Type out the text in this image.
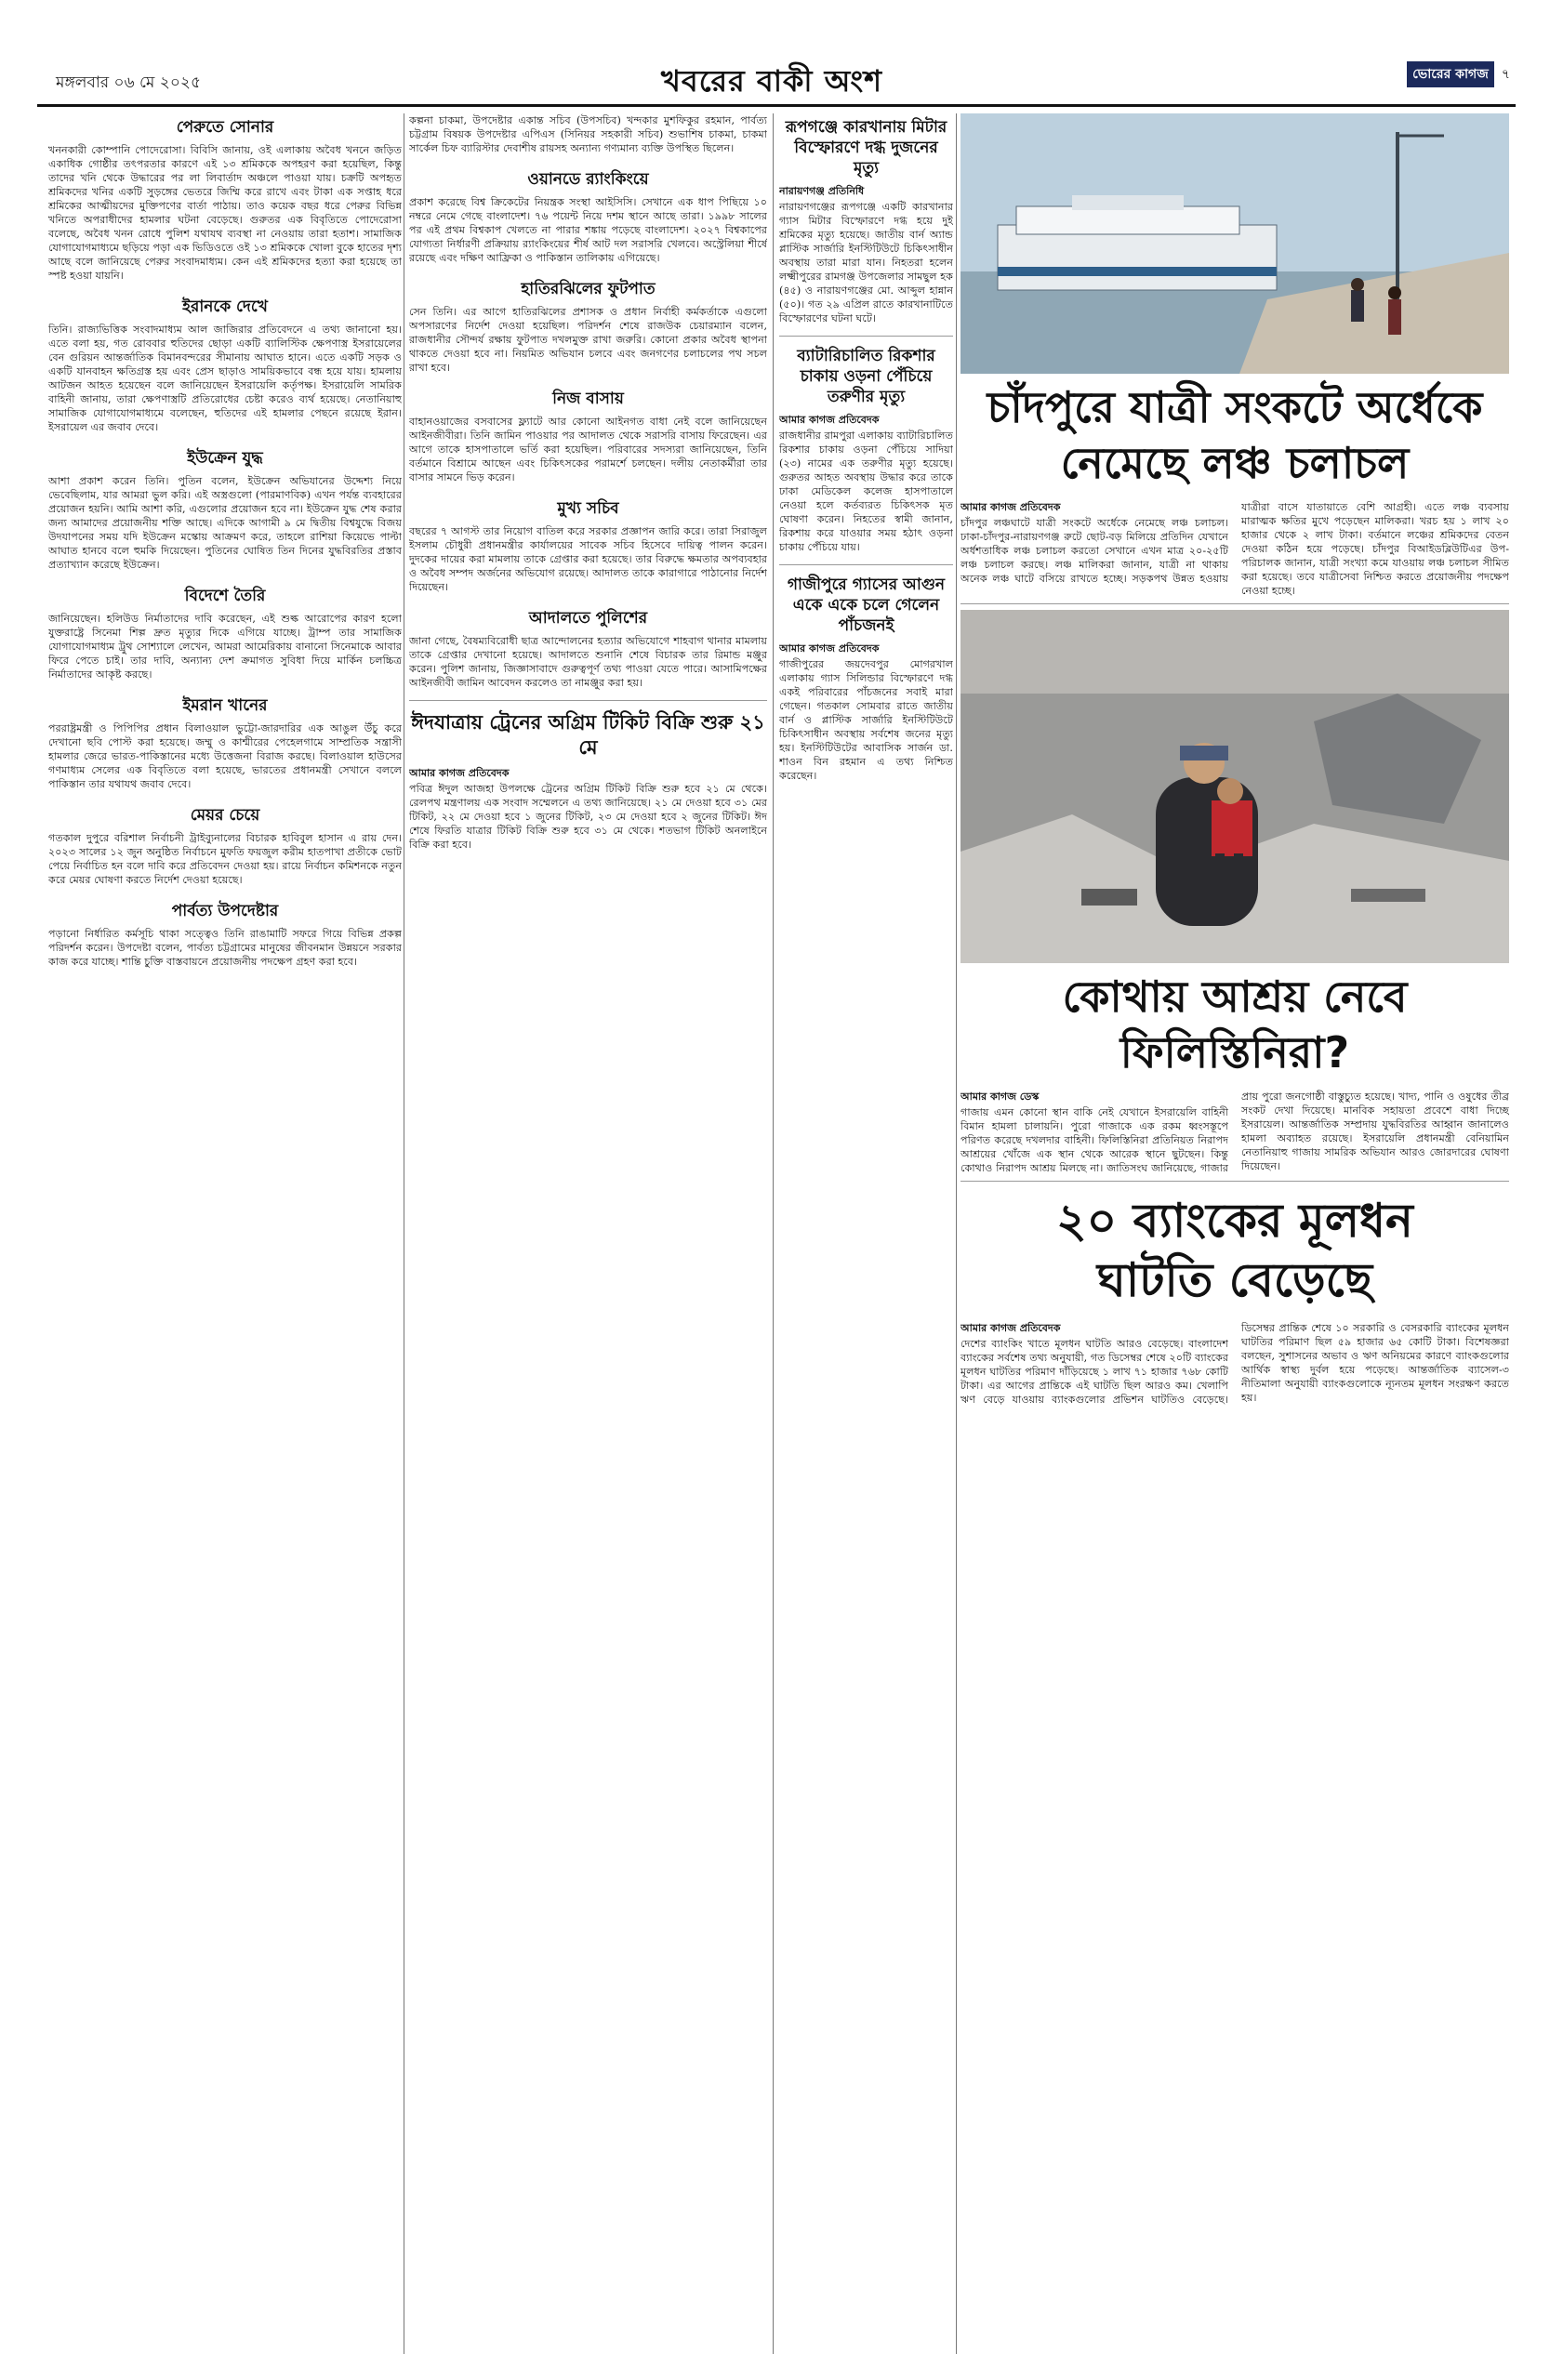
মঙ্গলবার ০৬ মে ২০২৫	খবরের বাকী অংশ	ভোরের কাগজ ৭
পেরুতে সোনার

খননকারী কোম্পানি পোদেরোসা। বিবিসি জানায়, ওই এলাকায় অবৈধ খননে জড়িত একাধিক গোষ্ঠীর তৎপরতার কারণে এই ১৩ শ্রমিককে অপহরণ করা হয়েছিল, কিন্তু তাদের খনি থেকে উদ্ধারের পর লা লিবার্তাদ অঞ্চলে পাওয়া যায়। চক্রটি অপহৃত শ্রমিকদের খনির একটি সুড়ঙ্গের ভেতরে জিম্মি করে রাখে এবং টাকা এক সপ্তাহ ধরে শ্রমিকের আত্মীয়দের মুক্তিপণের বার্তা পাঠায়। তাও কয়েক বছর ধরে পেরুর বিভিন্ন খনিতে অপরাধীদের হামলার ঘটনা বেড়েছে। গুরুতর এক বিবৃতিতে পোদেরোসা বলেছে, অবৈধ খনন রোধে পুলিশ যথাযথ ব্যবস্থা না নেওয়ায় তারা হতাশ। সামাজিক যোগাযোগমাধ্যমে ছড়িয়ে পড়া এক ভিডিওতে ওই ১৩ শ্রমিককে খোলা বুকে হাতের দৃশ্য আছে বলে জানিয়েছে পেরুর সংবাদমাধ্যম। কেন এই শ্রমিকদের হত্যা করা হয়েছে তা স্পষ্ট হওয়া যায়নি।

ইরানকে দেখে

তিনি। রাজ্যভিত্তিক সংবাদমাধ্যম আল জাজিরার প্রতিবেদনে এ তথ্য জানানো হয়। এতে বলা হয়, গত রোববার হুতিদের ছোড়া একটি ব্যালিস্টিক ক্ষেপণাস্ত্র ইসরায়েলের বেন গুরিয়ন আন্তর্জাতিক বিমানবন্দরের সীমানায় আঘাত হানে। এতে একটি সড়ক ও একটি যানবাহন ক্ষতিগ্রস্ত হয় এবং প্রেস ছাড়াও সাময়িকভাবে বন্ধ হয়ে যায়। হামলায় আটজন আহত হয়েছেন বলে জানিয়েছেন ইসরায়েলি কর্তৃপক্ষ। ইসরায়েলি সামরিক বাহিনী জানায়, তারা ক্ষেপণাস্ত্রটি প্রতিরোধের চেষ্টা করেও ব্যর্থ হয়েছে। নেতানিয়াহু সামাজিক যোগাযোগমাধ্যমে বলেছেন, হুতিদের এই হামলার পেছনে রয়েছে ইরান। ইসরায়েল এর জবাব দেবে।

ইউক্রেন যুদ্ধ

আশা প্রকাশ করেন তিনি। পুতিন বলেন, ইউক্রেন অভিযানের উদ্দেশ্য নিয়ে ভেবেছিলাম, যার আমরা ভুল করি। এই অস্ত্রগুলো (পারমাণবিক) এখন পর্যন্ত ব্যবহারের প্রয়োজন হয়নি। আমি আশা করি, এগুলোর প্রয়োজন হবে না। ইউক্রেন যুদ্ধ শেষ করার জন্য আমাদের প্রয়োজনীয় শক্তি আছে। এদিকে আগামী ৯ মে দ্বিতীয় বিশ্বযুদ্ধে বিজয় উদযাপনের সময় যদি ইউক্রেন মস্কোয় আক্রমণ করে, তাহলে রাশিয়া কিয়েভে পাল্টা আঘাত হানবে বলে হুমকি দিয়েছেন। পুতিনের ঘোষিত তিন দিনের যুদ্ধবিরতির প্রস্তাব প্রত্যাখ্যান করেছে ইউক্রেন।

বিদেশে তৈরি

জানিয়েছেন। হলিউড নির্মাতাদের দাবি করেছেন, এই শুল্ক আরোপের কারণ হলো যুক্তরাষ্ট্রে সিনেমা শিল্প দ্রুত মৃত্যুর দিকে এগিয়ে যাচ্ছে। ট্রাম্প তার সামাজিক যোগাযোগমাধ্যম ট্রুথ সোশ্যালে লেখেন, আমরা আমেরিকায় বানানো সিনেমাকে আবার ফিরে পেতে চাই। তার দাবি, অন্যান্য দেশ ক্রমাগত সুবিধা দিয়ে মার্কিন চলচ্চিত্র নির্মাতাদের আকৃষ্ট করছে।

ইমরান খানের

পররাষ্ট্রমন্ত্রী ও পিপিপির প্রধান বিলাওয়াল ভুট্টো-জারদারির এক আঙুল উঁচু করে দেখানো ছবি পোস্ট করা হয়েছে। জম্মু ও কাশ্মীরের পেহেলগামে সাম্প্রতিক সন্ত্রাসী হামলার জেরে ভারত-পাকিস্তানের মধ্যে উত্তেজনা বিরাজ করছে। বিলাওয়াল হাউসের গণমাধ্যম সেলের এক বিবৃতিতে বলা হয়েছে, ভারতের প্রধানমন্ত্রী সেখানে বললে পাকিস্তান তার যথাযথ জবাব দেবে।

মেয়র চেয়ে

গতকাল দুপুরে বরিশাল নির্বাচনী ট্রাইব্যুনালের বিচারক হাবিবুল হাসান এ রায় দেন। ২০২৩ সালের ১২ জুন অনুষ্ঠিত নির্বাচনে মুফতি ফয়জুল করীম হাতপাখা প্রতীকে ভোট পেয়ে নির্বাচিত হন বলে দাবি করে প্রতিবেদন দেওয়া হয়। রায়ে নির্বাচন কমিশনকে নতুন করে মেয়র ঘোষণা করতে নির্দেশ দেওয়া হয়েছে।

পার্বত্য উপদেষ্টার

পড়ানো নির্ধারিত কর্মসূচি থাকা সত্ত্বেও তিনি রাঙামাটি সফরে গিয়ে বিভিন্ন প্রকল্প পরিদর্শন করেন। উপদেষ্টা বলেন, পার্বত্য চট্টগ্রামের মানুষের জীবনমান উন্নয়নে সরকার কাজ করে যাচ্ছে। শান্তি চুক্তি বাস্তবায়নে প্রয়োজনীয় পদক্ষেপ গ্রহণ করা হবে।

কল্পনা চাকমা, উপদেষ্টার একান্ত সচিব (উপসচিব) খন্দকার মুশফিকুর রহমান, পার্বত্য চট্টগ্রাম বিষয়ক উপদেষ্টার এপিএস (সিনিয়র সহকারী সচিব) শুভাশিষ চাকমা, চাকমা সার্কেল চিফ ব্যারিস্টার দেবাশীষ রায়সহ অন্যান্য গণ্যমান্য ব্যক্তি উপস্থিত ছিলেন।

ওয়ানডে র‍্যাংকিংয়ে

প্রকাশ করেছে বিশ্ব ক্রিকেটের নিয়ন্ত্রক সংস্থা আইসিসি। সেখানে এক ধাপ পিছিয়ে ১০ নম্বরে নেমে গেছে বাংলাদেশ। ৭৬ পয়েন্ট নিয়ে দশম স্থানে আছে তারা। ১৯৯৮ সালের পর এই প্রথম বিশ্বকাপ খেলতে না পারার শঙ্কায় পড়েছে বাংলাদেশ। ২০২৭ বিশ্বকাপের যোগ্যতা নির্ধারণী প্রক্রিয়ায় র‍্যাংকিংয়ের শীর্ষ আট দল সরাসরি খেলবে। অস্ট্রেলিয়া শীর্ষে রয়েছে এবং দক্ষিণ আফ্রিকা ও পাকিস্তান তালিকায় এগিয়েছে।

হাতিরঝিলের ফুটপাত

সেন তিনি। এর আগে হাতিরঝিলের প্রশাসক ও প্রধান নির্বাহী কর্মকর্তাকে এগুলো অপসারণের নির্দেশ দেওয়া হয়েছিল। পরিদর্শন শেষে রাজউক চেয়ারম্যান বলেন, রাজধানীর সৌন্দর্য রক্ষায় ফুটপাত দখলমুক্ত রাখা জরুরি। কোনো প্রকার অবৈধ স্থাপনা থাকতে দেওয়া হবে না। নিয়মিত অভিযান চলবে এবং জনগণের চলাচলের পথ সচল রাখা হবে।

নিজ বাসায়

বাহানওয়াজের বসবাসের ফ্ল্যাটে আর কোনো আইনগত বাধা নেই বলে জানিয়েছেন আইনজীবীরা। তিনি জামিন পাওয়ার পর আদালত থেকে সরাসরি বাসায় ফিরেছেন। এর আগে তাকে হাসপাতালে ভর্তি করা হয়েছিল। পরিবারের সদস্যরা জানিয়েছেন, তিনি বর্তমানে বিশ্রামে আছেন এবং চিকিৎসকের পরামর্শে চলছেন। দলীয় নেতাকর্মীরা তার বাসার সামনে ভিড় করেন।

মুখ্য সচিব

বছরের ৭ আগস্ট তার নিয়োগ বাতিল করে সরকার প্রজ্ঞাপন জারি করে। তারা সিরাজুল ইসলাম চৌধুরী প্রধানমন্ত্রীর কার্যালয়ের সাবেক সচিব হিসেবে দায়িত্ব পালন করেন। দুদকের দায়ের করা মামলায় তাকে গ্রেপ্তার করা হয়েছে। তার বিরুদ্ধে ক্ষমতার অপব্যবহার ও অবৈধ সম্পদ অর্জনের অভিযোগ রয়েছে। আদালত তাকে কারাগারে পাঠানোর নির্দেশ দিয়েছেন।

আদালতে পুলিশের

জানা গেছে, বৈষম্যবিরোধী ছাত্র আন্দোলনের হত্যার অভিযোগে শাহবাগ থানার মামলায় তাকে গ্রেপ্তার দেখানো হয়েছে। আদালতে শুনানি শেষে বিচারক তার রিমান্ড মঞ্জুর করেন। পুলিশ জানায়, জিজ্ঞাসাবাদে গুরুত্বপূর্ণ তথ্য পাওয়া যেতে পারে। আসামিপক্ষের আইনজীবী জামিন আবেদন করলেও তা নামঞ্জুর করা হয়।

ঈদযাত্রায় ট্রেনের অগ্রিম টিকিট বিক্রি শুরু ২১ মে
আমার কাগজ প্রতিবেদক

পবিত্র ঈদুল আজহা উপলক্ষে ট্রেনের অগ্রিম টিকিট বিক্রি শুরু হবে ২১ মে থেকে। রেলপথ মন্ত্রণালয় এক সংবাদ সম্মেলনে এ তথ্য জানিয়েছে। ২১ মে দেওয়া হবে ৩১ মের টিকিট, ২২ মে দেওয়া হবে ১ জুনের টিকিট, ২৩ মে দেওয়া হবে ২ জুনের টিকিট। ঈদ শেষে ফিরতি যাত্রার টিকিট বিক্রি শুরু হবে ৩১ মে থেকে। শতভাগ টিকিট অনলাইনে বিক্রি করা হবে।

রূপগঞ্জে কারখানায় মিটার বিস্ফোরণে দগ্ধ দুজনের মৃত্যু
নারায়ণগঞ্জ প্রতিনিধি

নারায়ণগঞ্জের রূপগঞ্জে একটি কারখানার গ্যাস মিটার বিস্ফোরণে দগ্ধ হয়ে দুই শ্রমিকের মৃত্যু হয়েছে। জাতীয় বার্ন অ্যান্ড প্লাস্টিক সার্জারি ইনস্টিটিউটে চিকিৎসাধীন অবস্থায় তারা মারা যান। নিহতরা হলেন লক্ষ্মীপুরের রামগঞ্জ উপজেলার সামছুল হক (৪৫) ও নারায়ণগঞ্জের মো. আব্দুল হান্নান (৫০)। গত ২৯ এপ্রিল রাতে কারখানাটিতে বিস্ফোরণের ঘটনা ঘটে।

ব্যাটারিচালিত রিকশার চাকায় ওড়না পেঁচিয়ে তরুণীর মৃত্যু
আমার কাগজ প্রতিবেদক

রাজধানীর রামপুরা এলাকায় ব্যাটারিচালিত রিকশার চাকায় ওড়না পেঁচিয়ে সাদিয়া (২৩) নামের এক তরুণীর মৃত্যু হয়েছে। গুরুতর আহত অবস্থায় উদ্ধার করে তাকে ঢাকা মেডিকেল কলেজ হাসপাতালে নেওয়া হলে কর্তব্যরত চিকিৎসক মৃত ঘোষণা করেন। নিহতের স্বামী জানান, রিকশায় করে যাওয়ার সময় হঠাৎ ওড়না চাকায় পেঁচিয়ে যায়।

গাজীপুরে গ্যাসের আগুন একে একে চলে গেলেন পাঁচজনই
আমার কাগজ প্রতিবেদক

গাজীপুরের জয়দেবপুর মোগরখাল এলাকায় গ্যাস সিলিন্ডার বিস্ফোরণে দগ্ধ একই পরিবারের পাঁচজনের সবাই মারা গেছেন। গতকাল সোমবার রাতে জাতীয় বার্ন ও প্লাস্টিক সার্জারি ইনস্টিটিউটে চিকিৎসাধীন অবস্থায় সর্বশেষ জনের মৃত্যু হয়। ইনস্টিটিউটের আবাসিক সার্জন ডা. শাওন বিন রহমান এ তথ্য নিশ্চিত করেছেন।

চাঁদপুরে যাত্রী সংকটে অর্ধেকে নেমেছে লঞ্চ চলাচল
আমার কাগজ প্রতিবেদক

চাঁদপুর লঞ্চঘাটে যাত্রী সংকটে অর্ধেকে নেমেছে লঞ্চ চলাচল। ঢাকা-চাঁদপুর-নারায়ণগঞ্জ রুটে ছোট-বড় মিলিয়ে প্রতিদিন যেখানে অর্ধশতাধিক লঞ্চ চলাচল করতো সেখানে এখন মাত্র ২০-২৫টি লঞ্চ চলাচল করছে। লঞ্চ মালিকরা জানান, যাত্রী না থাকায় অনেক লঞ্চ ঘাটে বসিয়ে রাখতে হচ্ছে। সড়কপথ উন্নত হওয়ায় যাত্রীরা বাসে যাতায়াতে বেশি আগ্রহী। এতে লঞ্চ ব্যবসায় মারাত্মক ক্ষতির মুখে পড়েছেন মালিকরা। খরচ হয় ১ লাখ ২০ হাজার থেকে ২ লাখ টাকা। বর্তমানে লঞ্চের শ্রমিকদের বেতন দেওয়া কঠিন হয়ে পড়েছে। চাঁদপুর বিআইডব্লিউটিএর উপ-পরিচালক জানান, যাত্রী সংখ্যা কমে যাওয়ায় লঞ্চ চলাচল সীমিত করা হয়েছে। তবে যাত্রীসেবা নিশ্চিত করতে প্রয়োজনীয় পদক্ষেপ নেওয়া হচ্ছে।

কোথায় আশ্রয় নেবে ফিলিস্তিনিরা?
আমার কাগজ ডেস্ক

গাজায় এমন কোনো স্থান বাকি নেই যেখানে ইসরায়েলি বাহিনী বিমান হামলা চালায়নি। পুরো গাজাকে এক রকম ধ্বংসস্তূপে পরিণত করেছে দখলদার বাহিনী। ফিলিস্তিনিরা প্রতিনিয়ত নিরাপদ আশ্রয়ের খোঁজে এক স্থান থেকে আরেক স্থানে ছুটছেন। কিন্তু কোথাও নিরাপদ আশ্রয় মিলছে না। জাতিসংঘ জানিয়েছে, গাজার প্রায় পুরো জনগোষ্ঠী বাস্তুচ্যুত হয়েছে। খাদ্য, পানি ও ওষুধের তীব্র সংকট দেখা দিয়েছে। মানবিক সহায়তা প্রবেশে বাধা দিচ্ছে ইসরায়েল। আন্তর্জাতিক সম্প্রদায় যুদ্ধবিরতির আহ্বান জানালেও হামলা অব্যাহত রয়েছে। ইসরায়েলি প্রধানমন্ত্রী বেনিয়ামিন নেতানিয়াহু গাজায় সামরিক অভিযান আরও জোরদারের ঘোষণা দিয়েছেন।

২০ ব্যাংকের মূলধন ঘাটতি বেড়েছে
আমার কাগজ প্রতিবেদক

দেশের ব্যাংকিং খাতে মূলধন ঘাটতি আরও বেড়েছে। বাংলাদেশ ব্যাংকের সর্বশেষ তথ্য অনুযায়ী, গত ডিসেম্বর শেষে ২০টি ব্যাংকের মূলধন ঘাটতির পরিমাণ দাঁড়িয়েছে ১ লাখ ৭১ হাজার ৭৬৮ কোটি টাকা। এর আগের প্রান্তিকে এই ঘাটতি ছিল আরও কম। খেলাপি ঋণ বেড়ে যাওয়ায় ব্যাংকগুলোর প্রভিশন ঘাটতিও বেড়েছে। ডিসেম্বর প্রান্তিক শেষে ১০ সরকারি ও বেসরকারি ব্যাংকের মূলধন ঘাটতির পরিমাণ ছিল ৫৯ হাজার ৬৫ কোটি টাকা। বিশেষজ্ঞরা বলছেন, সুশাসনের অভাব ও ঋণ অনিয়মের কারণে ব্যাংকগুলোর আর্থিক স্বাস্থ্য দুর্বল হয়ে পড়েছে। আন্তর্জাতিক ব্যাসেল-৩ নীতিমালা অনুযায়ী ব্যাংকগুলোকে ন্যূনতম মূলধন সংরক্ষণ করতে হয়।
